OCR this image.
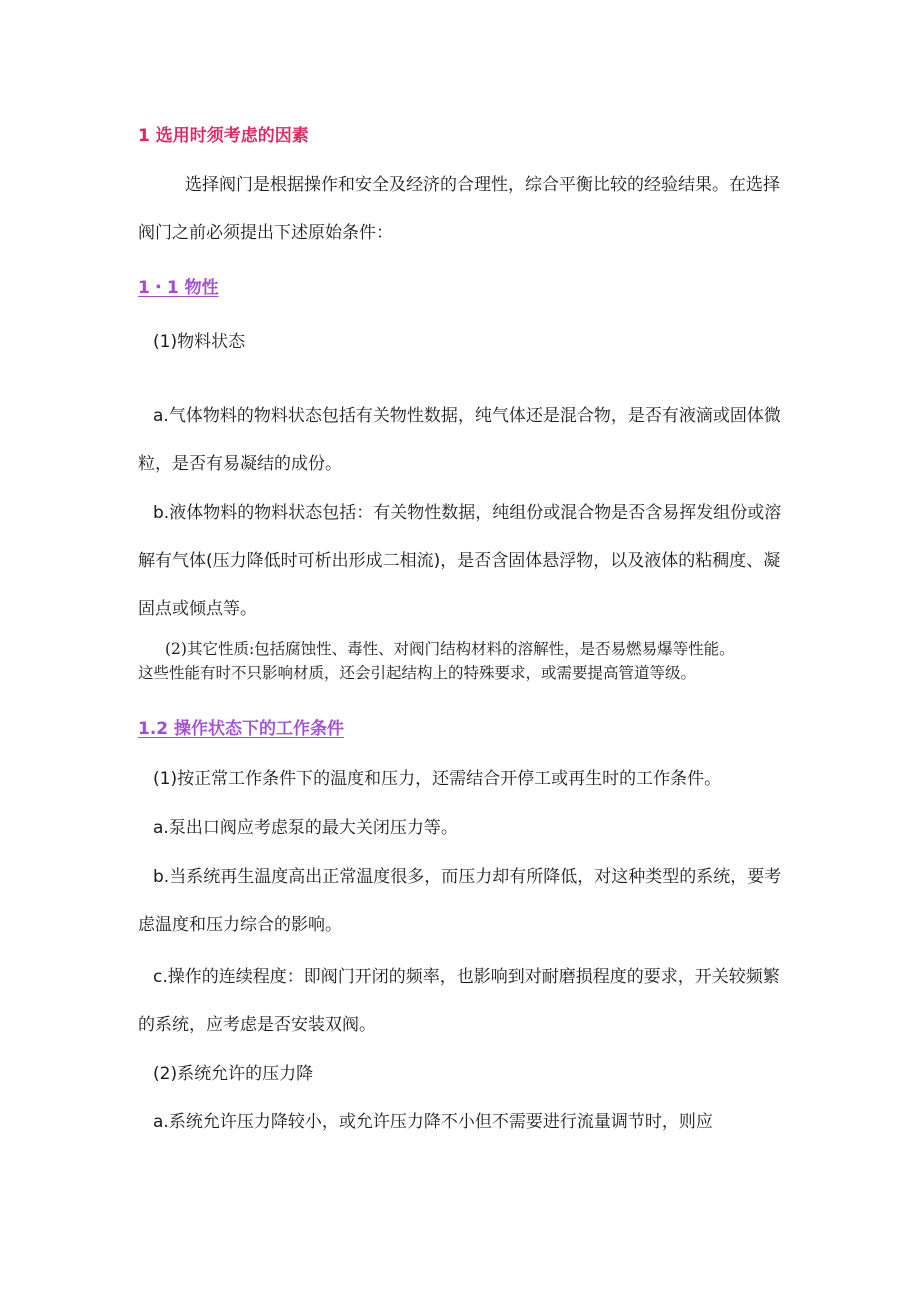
1 选用时须考虑的因素
选择阀门是根据操作和安全及经济的合理性，综合平衡比较的经验结果。在选择
阀门之前必须提出下述原始条件：
1・1 物性
(1)物料状态
a.气体物料的物料状态包括有关物性数据，纯气体还是混合物，是否有液滴或固体微
粒，是否有易凝结的成份。
b.液体物料的物料状态包括：有关物性数据，纯组份或混合物是否含易挥发组份或溶
解有气体(压力降低时可析出形成二相流)，是否含固体悬浮物，以及液体的粘稠度、凝
固点或倾点等。
(2)其它性质:包括腐蚀性、毒性、对阀门结构材料的溶解性，是否易燃易爆等性能。
这些性能有时不只影响材质，还会引起结构上的特殊要求，或需要提高管道等级。
1.2 操作状态下的工作条件
(1)按正常工作条件下的温度和压力，还需结合开停工或再生时的工作条件。
a.泵出口阀应考虑泵的最大关闭压力等。
b.当系统再生温度高出正常温度很多，而压力却有所降低，对这种类型的系统，要考
虑温度和压力综合的影响。
c.操作的连续程度：即阀门开闭的频率，也影响到对耐磨损程度的要求，开关较频繁
的系统，应考虑是否安装双阀。
(2)系统允许的压力降
a.系统允许压力降较小，或允许压力降不小但不需要进行流量调节时，则应
